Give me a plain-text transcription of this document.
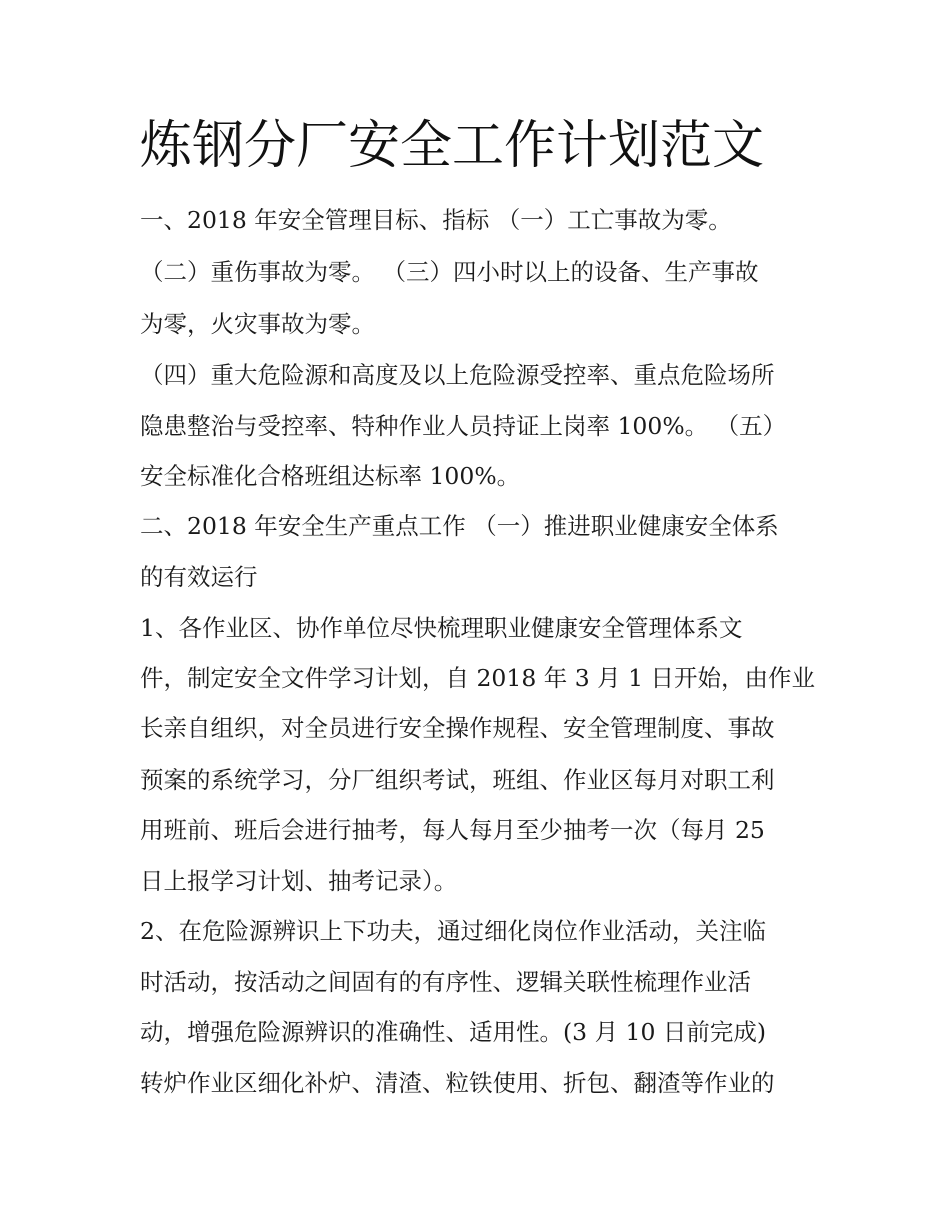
炼钢分厂安全工作计划范文

一、2018 年安全管理目标、指标 （一）工亡事故为零。

（二）重伤事故为零。 （三）四小时以上的设备、生产事故

为零，火灾事故为零。

（四）重大危险源和高度及以上危险源受控率、重点危险场所

隐患整治与受控率、特种作业人员持证上岗率 100%。 （五）

安全标准化合格班组达标率 100%。

二、2018 年安全生产重点工作 （一）推进职业健康安全体系

的有效运行

1、各作业区、协作单位尽快梳理职业健康安全管理体系文

件，制定安全文件学习计划，自 2018 年 3 月 1 日开始，由作业

长亲自组织，对全员进行安全操作规程、安全管理制度、事故

预案的系统学习，分厂组织考试，班组、作业区每月对职工利

用班前、班后会进行抽考，每人每月至少抽考一次（每月 25

日上报学习计划、抽考记录）。

2、在危险源辨识上下功夫，通过细化岗位作业活动，关注临

时活动，按活动之间固有的有序性、逻辑关联性梳理作业活

动，增强危险源辨识的准确性、适用性。(3 月 10 日前完成)

转炉作业区细化补炉、清渣、粒铁使用、折包、翻渣等作业的
